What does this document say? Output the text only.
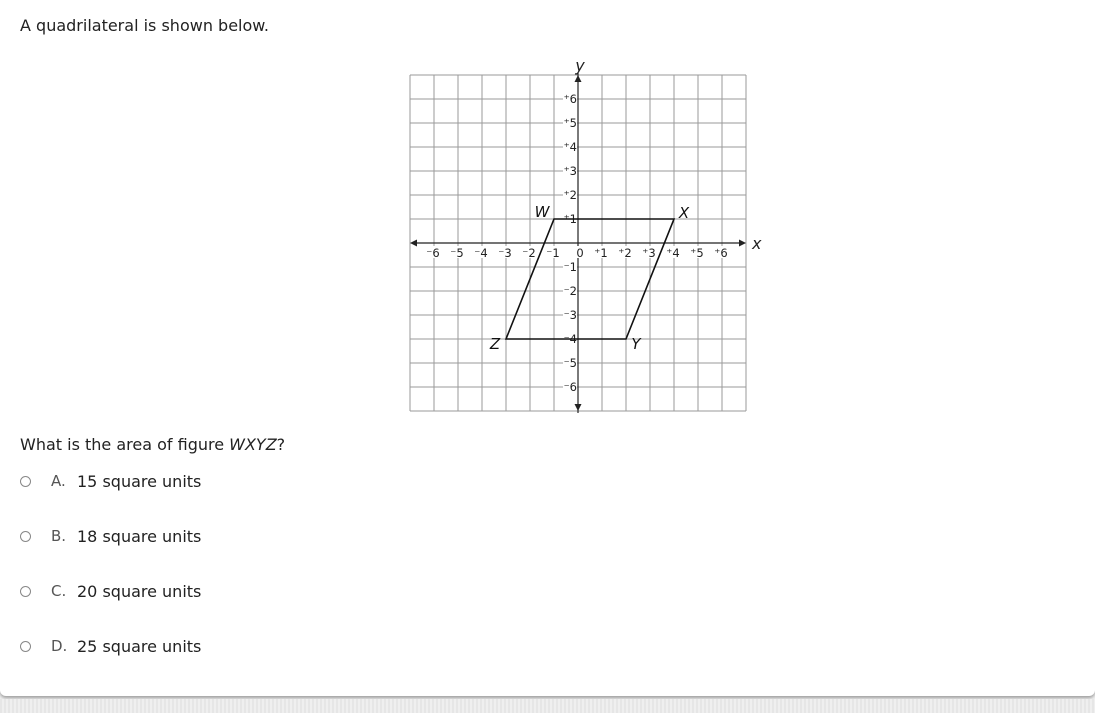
A quadrilateral is shown below.

x
y
⁻6 ⁻5 ⁻4 ⁻3 ⁻2 ⁻1 0 ⁺1 ⁺2 ⁺3 ⁺4 ⁺5 ⁺6
⁺6
⁺5
⁺4
⁺3
⁺2
⁺1
⁻1
⁻2
⁻3
⁻4
⁻5
⁻6
W	X
Y
Z

What is the area of figure WXYZ?

A. 15 square units
B. 18 square units
C. 20 square units
D. 25 square units
